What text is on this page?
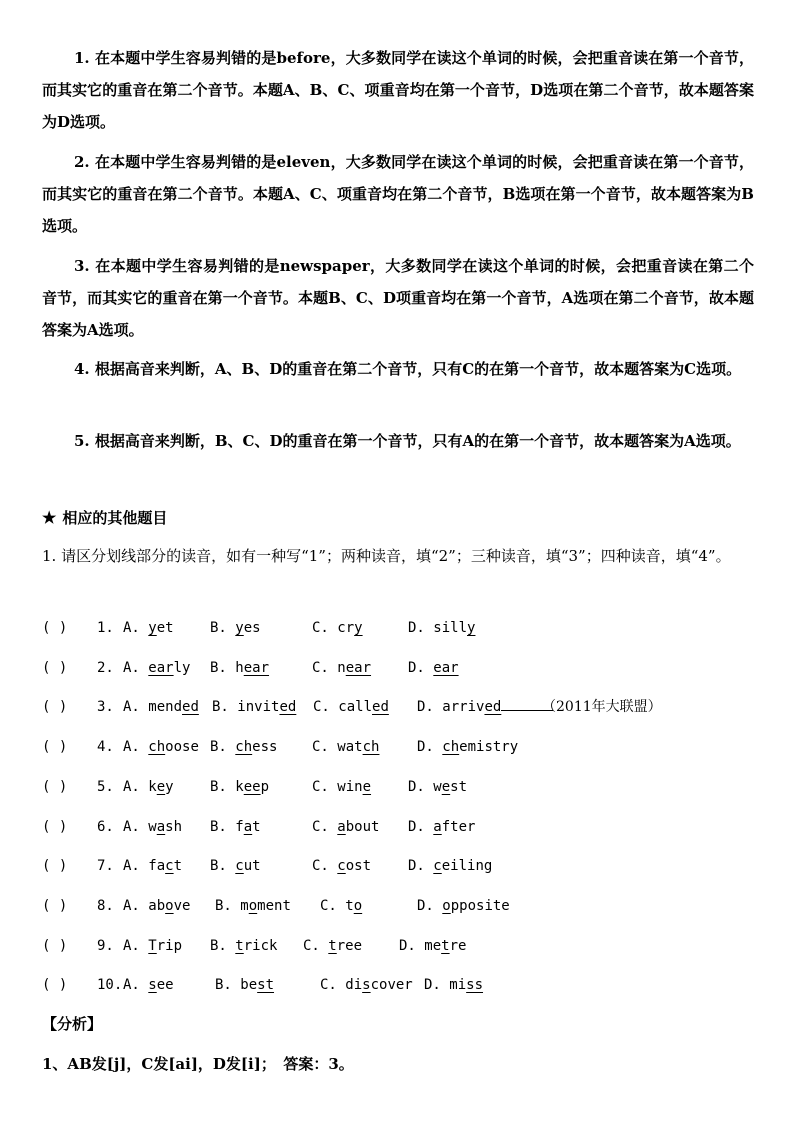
1. 在本题中学生容易判错的是before，大多数同学在读这个单词的时候，会把重音读在第一个音节，而其实它的重音在第二个音节。本题A、B、C、项重音均在第一个音节，D选项在第二个音节，故本题答案为D选项。

2. 在本题中学生容易判错的是eleven，大多数同学在读这个单词的时候，会把重音读在第一个音节，而其实它的重音在第二个音节。本题A、C、项重音均在第二个音节，B选项在第一个音节，故本题答案为B选项。

3. 在本题中学生容易判错的是newspaper，大多数同学在读这个单词的时候，会把重音读在第二个音节，而其实它的重音在第一个音节。本题B、C、D项重音均在第一个音节，A选项在第二个音节，故本题答案为A选项。

4. 根据高音来判断，A、B、D的重音在第二个音节，只有C的在第一个音节，故本题答案为C选项。

5. 根据高音来判断，B、C、D的重音在第一个音节，只有A的在第一个音节，故本题答案为A选项。

★ 相应的其他题目

1. 请区分划线部分的读音，如有一种写“1”；两种读音，填“2”；三种读音，填“3”；四种读音，填“4”。

( ) 1. A. yet	B. yes	C. cry	D. silly
( ) 2. A. early B. hear	C. near	D. ear
( ) 3. A. mended B. invited C. called D. arrived	（2011年大联盟）
( ) 4. A. choose B. chess C. watch	D. chemistry
( ) 5. A. key	B. keep	C. wine	D. west
( ) 6. A. wash B. fat	C. about D. after
( ) 7. A. fact B. cut	C. cost	D. ceiling
( ) 8. A. above B. moment C. to	D. opposite
( ) 9. A. Trip B. trick C. tree	D. metre
( ) 10. A. see	B. best	C. discover D. miss
【分析】
1、AB发[j]，C发[ai]，D发[i]；　答案：3。
